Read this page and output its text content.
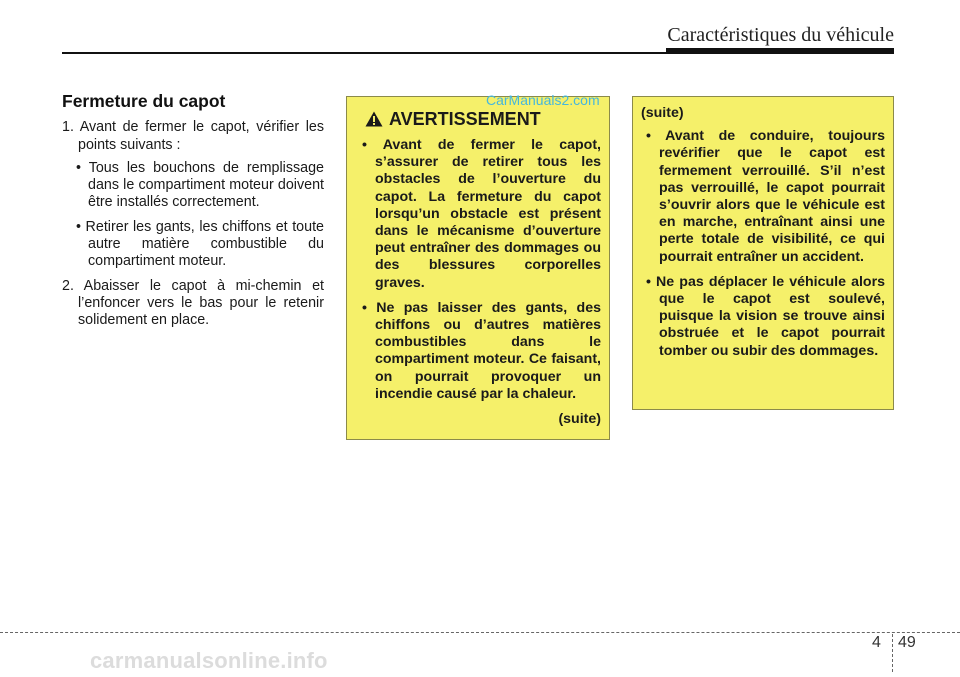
Caractéristiques du véhicule
Fermeture du capot
1. Avant de fermer le capot, vérifier les points suivants :
• Tous les bouchons de remplissage dans le compartiment moteur doivent être installés correctement.
• Retirer les gants, les chiffons et toute autre matière combustible du compartiment moteur.
2. Abaisser le capot à mi-chemin et l’enfoncer vers le bas pour le retenir solidement en place.
AVERTISSEMENT
• Avant de fermer le capot, s’assurer de retirer tous les obstacles de l’ouverture du capot. La fermeture du capot lorsqu’un obstacle est présent dans le mécanisme d’ouverture peut entraîner des dommages ou des blessures corporelles graves.
• Ne pas laisser des gants, des chiffons ou d’autres matières combustibles dans le compartiment moteur. Ce faisant, on pourrait provoquer un incendie causé par la chaleur.
(suite)
CarManuals2.com
(suite)
• Avant de conduire, toujours revérifier que le capot est fermement verrouillé. S’il n’est pas verrouillé, le capot pourrait s’ouvrir alors que le véhicule est en marche, entraînant ainsi une perte totale de visibilité, ce qui pourrait entraîner un accident.
• Ne pas déplacer le véhicule alors que le capot est soulevé, puisque la vision se trouve ainsi obstruée et le capot pourrait tomber ou subir des dommages.
4 49
carmanualsonline.info
